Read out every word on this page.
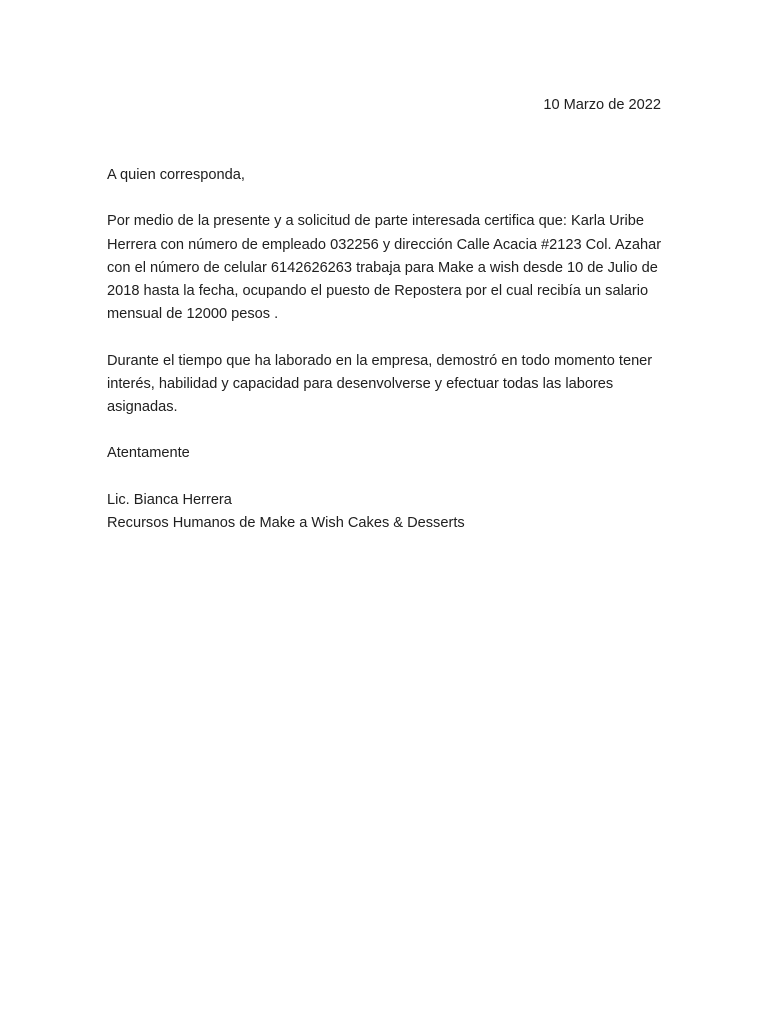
10 Marzo de 2022

A quien corresponda,

Por medio de la presente y a solicitud de parte interesada certifica que: Karla Uribe Herrera con número de empleado 032256 y dirección Calle Acacia #2123 Col. Azahar con el número de celular 6142626263 trabaja para Make a wish desde 10 de Julio de 2018 hasta la fecha, ocupando el puesto de Repostera por el cual recibía un salario mensual de 12000 pesos .

Durante el tiempo que ha laborado en la empresa, demostró en todo momento tener interés, habilidad y capacidad para desenvolverse y efectuar todas las labores asignadas.

Atentamente

Lic. Bianca Herrera

Recursos Humanos de Make a Wish Cakes & Desserts
